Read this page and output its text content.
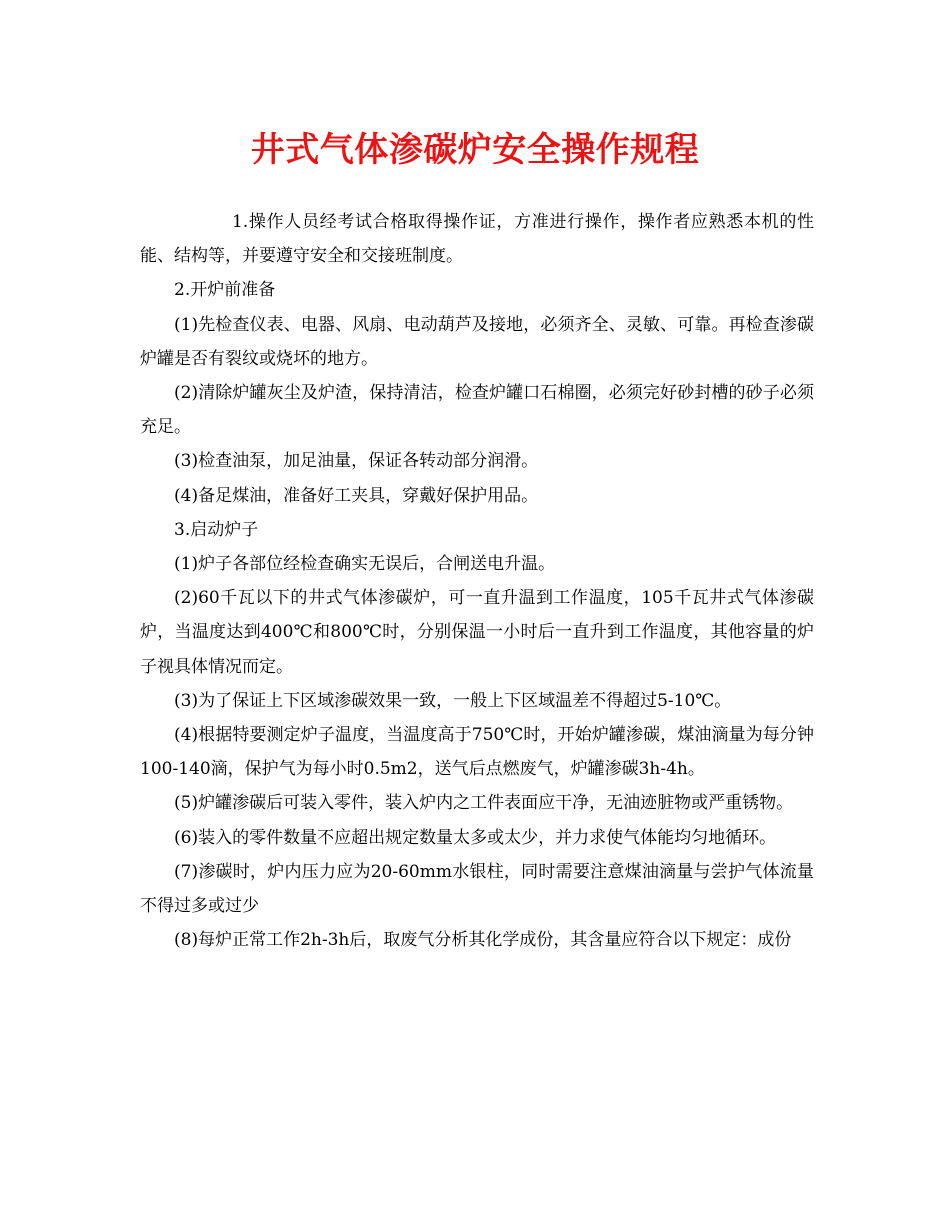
井式气体渗碳炉安全操作规程

1.操作人员经考试合格取得操作证，方准进行操作，操作者应熟悉本机的性能、结构等，并要遵守安全和交接班制度。

2.开炉前准备

(1)先检查仪表、电器、风扇、电动葫芦及接地，必须齐全、灵敏、可靠。再检查渗碳炉罐是否有裂纹或烧坏的地方。

(2)清除炉罐灰尘及炉渣，保持清洁，检查炉罐口石棉圈，必须完好砂封槽的砂子必须充足。

(3)检查油泵，加足油量，保证各转动部分润滑。

(4)备足煤油，准备好工夹具，穿戴好保护用品。

3.启动炉子

(1)炉子各部位经检查确实无误后，合闸送电升温。

(2)60千瓦以下的井式气体渗碳炉，可一直升温到工作温度，105千瓦井式气体渗碳炉，当温度达到400℃和800℃时，分别保温一小时后一直升到工作温度，其他容量的炉子视具体情况而定。

(3)为了保证上下区域渗碳效果一致，一般上下区域温差不得超过5-10℃。

(4)根据特要测定炉子温度，当温度高于750℃时，开始炉罐渗碳，煤油滴量为每分钟100-140滴，保护气为每小时0.5m2，送气后点燃废气，炉罐渗碳3h-4h。

(5)炉罐渗碳后可装入零件，装入炉内之工件表面应干净，无油迹脏物或严重锈物。

(6)装入的零件数量不应超出规定数量太多或太少，并力求使气体能均匀地循环。

(7)渗碳时，炉内压力应为20-60mm水银柱，同时需要注意煤油滴量与尝护气体流量不得过多或过少

(8)每炉正常工作2h-3h后，取废气分析其化学成份，其含量应符合以下规定：成份
